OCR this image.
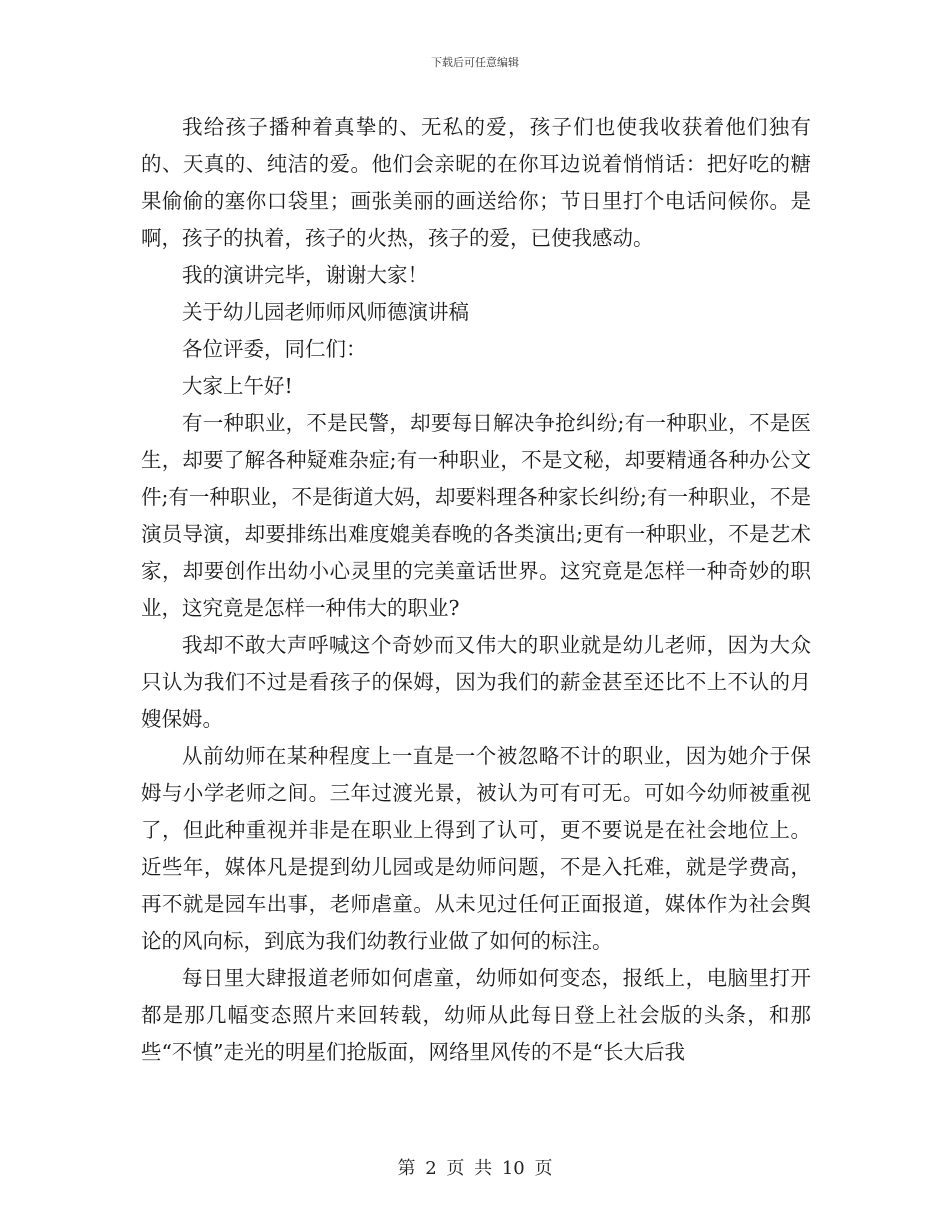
下载后可任意编辑

我给孩子播种着真挚的、无私的爱，孩子们也使我收获着他们独有的、天真的、纯洁的爱。他们会亲昵的在你耳边说着悄悄话：把好吃的糖果偷偷的塞你口袋里；画张美丽的画送给你；节日里打个电话问候你。是啊，孩子的执着，孩子的火热，孩子的爱，已使我感动。

我的演讲完毕，谢谢大家！

关于幼儿园老师师风师德演讲稿

各位评委，同仁们：

大家上午好!

有一种职业，不是民警，却要每日解决争抢纠纷;有一种职业，不是医生，却要了解各种疑难杂症;有一种职业，不是文秘，却要精通各种办公文件;有一种职业，不是街道大妈，却要料理各种家长纠纷;有一种职业，不是演员导演，却要排练出难度媲美春晚的各类演出;更有一种职业，不是艺术家，却要创作出幼小心灵里的完美童话世界。这究竟是怎样一种奇妙的职业，这究竟是怎样一种伟大的职业?

我却不敢大声呼喊这个奇妙而又伟大的职业就是幼儿老师，因为大众只认为我们不过是看孩子的保姆，因为我们的薪金甚至还比不上不认的月嫂保姆。

从前幼师在某种程度上一直是一个被忽略不计的职业，因为她介于保姆与小学老师之间。三年过渡光景，被认为可有可无。可如今幼师被重视了，但此种重视并非是在职业上得到了认可，更不要说是在社会地位上。近些年，媒体凡是提到幼儿园或是幼师问题，不是入托难，就是学费高，再不就是园车出事，老师虐童。从未见过任何正面报道，媒体作为社会舆论的风向标，到底为我们幼教行业做了如何的标注。

每日里大肆报道老师如何虐童，幼师如何变态，报纸上，电脑里打开都是那几幅变态照片来回转载，幼师从此每日登上社会版的头条，和那些“不慎”走光的明星们抢版面，网络里风传的不是“长大后我

第 2 页 共 10 页
